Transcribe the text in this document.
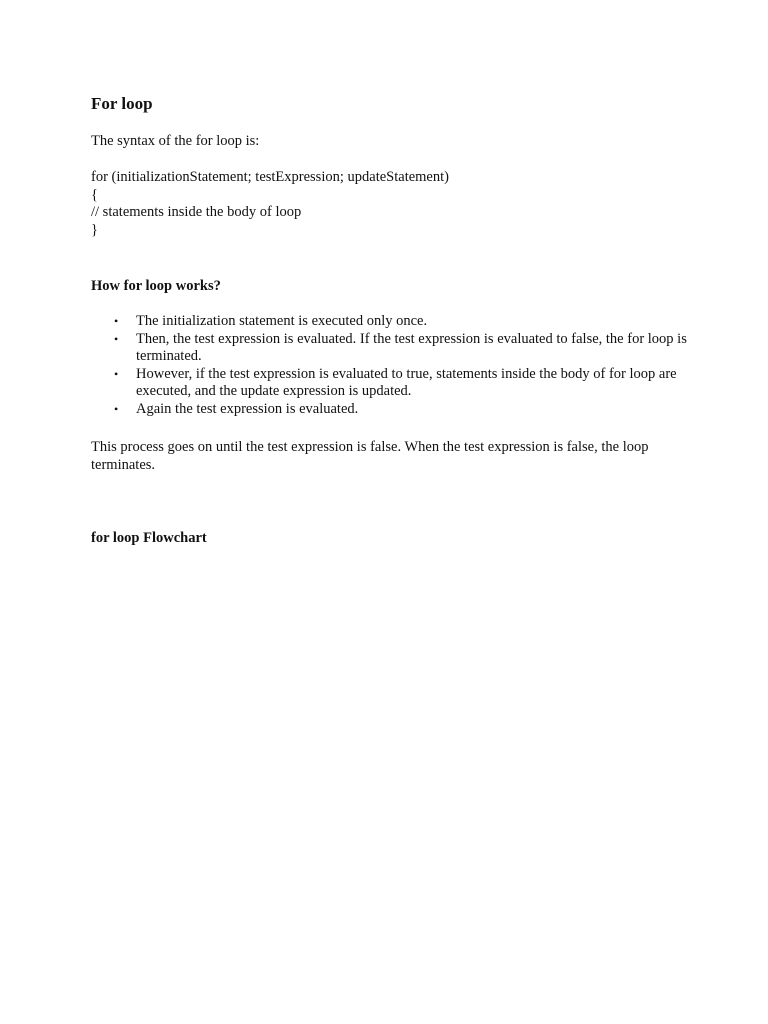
For loop

The syntax of the for loop is:

for (initializationStatement; testExpression; updateStatement)

{

// statements inside the body of loop

}

How for loop works?
• The initialization statement is executed only once.
• Then, the test expression is evaluated. If the test expression is evaluated to false, the for loop is terminated.
• However, if the test expression is evaluated to true, statements inside the body of for loop are executed, and the update expression is updated.
• Again the test expression is evaluated.

This process goes on until the test expression is false. When the test expression is false, the loop terminates.

for loop Flowchart
